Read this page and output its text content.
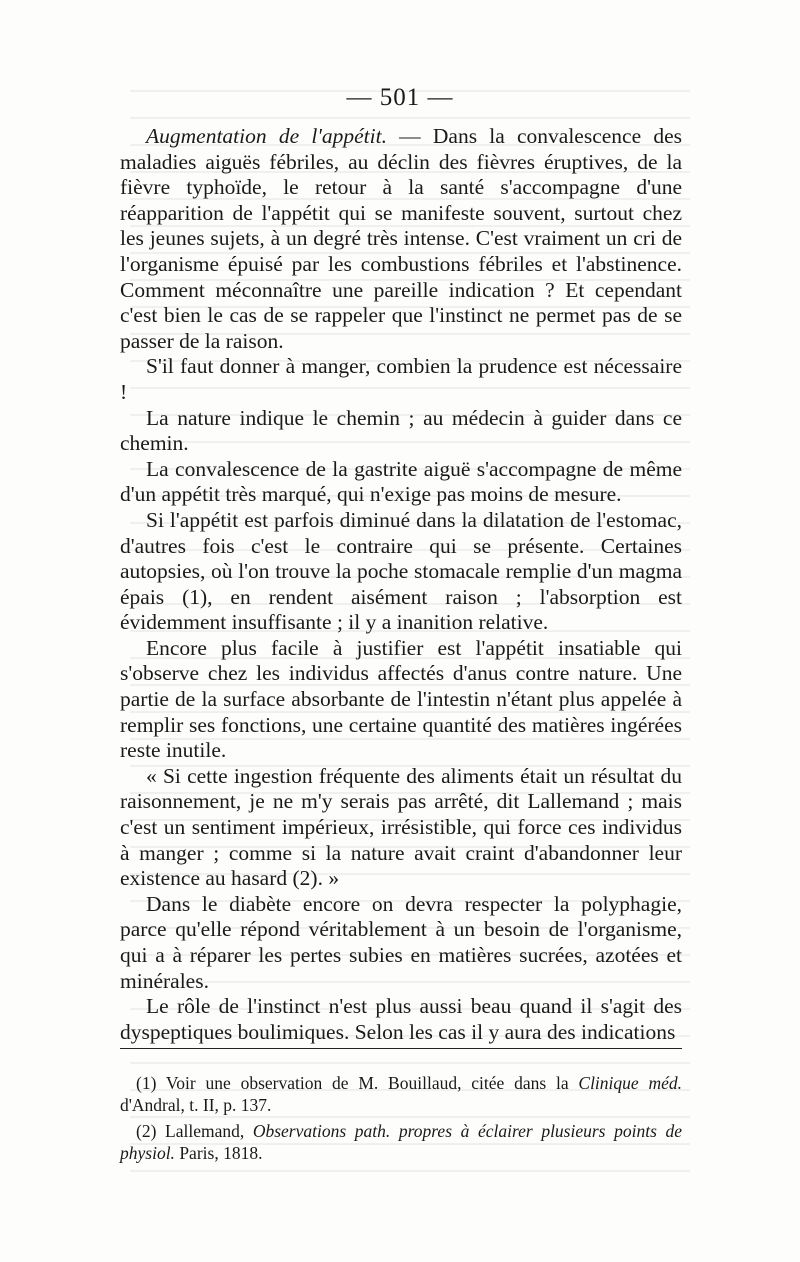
— 501 —

Augmentation de l'appétit. — Dans la convalescence des maladies aiguës fébriles, au déclin des fièvres éruptives, de la fièvre typhoïde, le retour à la santé s'accompagne d'une réapparition de l'appétit qui se manifeste souvent, surtout chez les jeunes sujets, à un degré très intense. C'est vraiment un cri de l'organisme épuisé par les combustions fébriles et l'abstinence. Comment méconnaître une pareille indication ? Et cependant c'est bien le cas de se rappeler que l'instinct ne permet pas de se passer de la raison.

S'il faut donner à manger, combien la prudence est nécessaire !

La nature indique le chemin ; au médecin à guider dans ce chemin.

La convalescence de la gastrite aiguë s'accompagne de même d'un appétit très marqué, qui n'exige pas moins de mesure.

Si l'appétit est parfois diminué dans la dilatation de l'estomac, d'autres fois c'est le contraire qui se présente. Certaines autopsies, où l'on trouve la poche stomacale remplie d'un magma épais (1), en rendent aisément raison ; l'absorption est évidemment insuffisante ; il y a inanition relative.

Encore plus facile à justifier est l'appétit insatiable qui s'observe chez les individus affectés d'anus contre nature. Une partie de la surface absorbante de l'intestin n'étant plus appelée à remplir ses fonctions, une certaine quantité des matières ingérées reste inutile.

« Si cette ingestion fréquente des aliments était un résultat du raisonnement, je ne m'y serais pas arrêté, dit Lallemand ; mais c'est un sentiment impérieux, irrésistible, qui force ces individus à manger ; comme si la nature avait craint d'abandonner leur existence au hasard (2). »

Dans le diabète encore on devra respecter la polyphagie, parce qu'elle répond véritablement à un besoin de l'organisme, qui a à réparer les pertes subies en matières sucrées, azotées et minérales.

Le rôle de l'instinct n'est plus aussi beau quand il s'agit des dyspeptiques boulimiques. Selon les cas il y aura des indications

(1) Voir une observation de M. Bouillaud, citée dans la Clinique méd. d'Andral, t. II, p. 137.

(2) Lallemand, Observations path. propres à éclairer plusieurs points de physiol. Paris, 1818.
